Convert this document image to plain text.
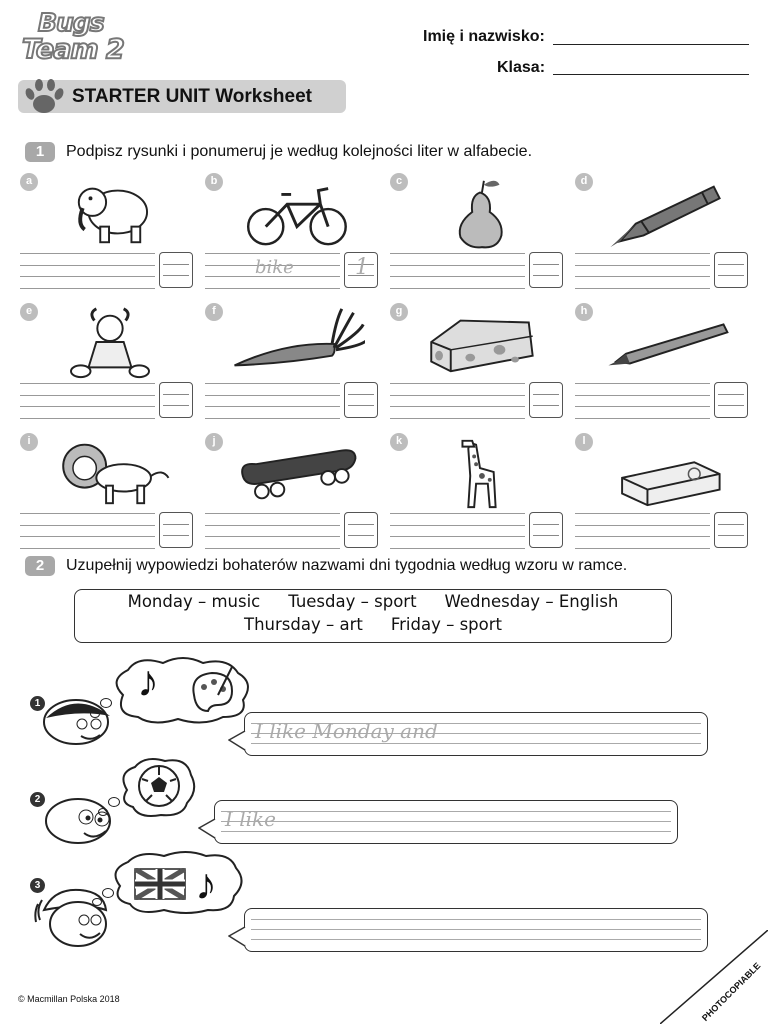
Bugs
Team 2	Imię i nazwisko:
Klasa:
STARTER UNIT Worksheet
1	Podpisz rysunki i ponumeruj je według kolejności liter w alfabecie.
a	b
bike	1
c	d
e	f	g	h
i	j	k	l
2	Uzupełnij wypowiedzi bohaterów nazwami dni tygodnia według wzoru w ramce.
Monday – music Tuesday – sport Wednesday – English
Thursday – art Friday – sport
1 ♪
I like Monday and
2
I like
3	♪
© Macmillan Polska 2018	PHOTOCOPIABLE
